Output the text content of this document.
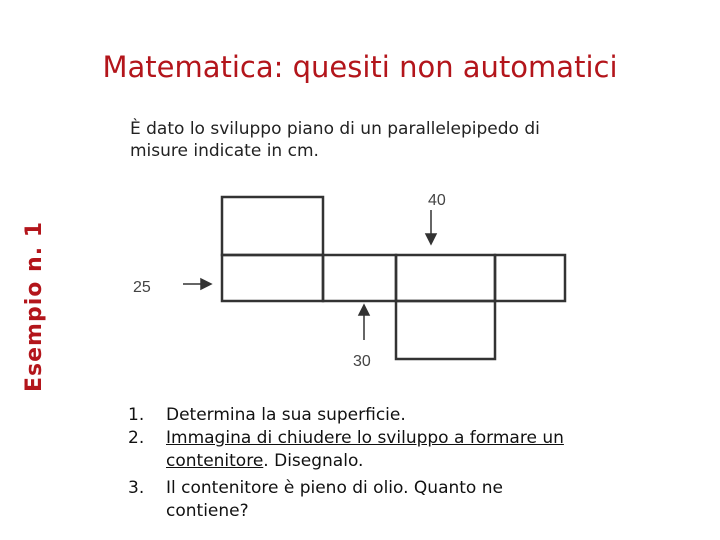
Matematica: quesiti non automatici
Esempio n. 1
È dato lo sviluppo piano di un parallelepipedo di misure indicate in cm.
40
25
30
1. Determina la sua superficie.
2. Immagina di chiudere lo sviluppo a formare un contenitore. Disegnalo.
3. Il contenitore è pieno di olio. Quanto ne contiene?
